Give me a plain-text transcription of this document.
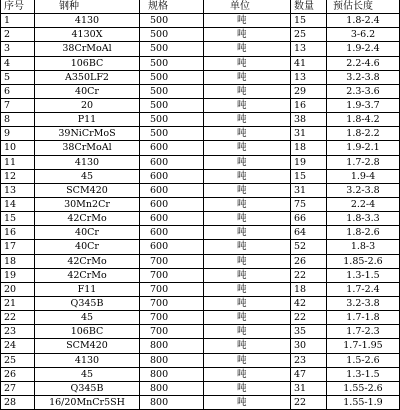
序号	钢种	规格	单位	数量	预估长度
1	4130	500	吨	15	1.8-2.4
2	4130X	500	吨	25	3-6.2
3	38CrMoAl	500	吨	13	1.9-2.4
4	106BC	500	吨	41	2.2-4.6
5	A350LF2	500	吨	13	3.2-3.8
6	40Cr	500	吨	29	2.3-3.6
7	20	500	吨	16	1.9-3.7
8	P11	500	吨	38	1.8-4.2
9	39NiCrMoS	500	吨	31	1.8-2.2
10	38CrMoAl	600	吨	18	1.9-2.1
11	4130	600	吨	19	1.7-2.8
12	45	600	吨	15	1.9-4
13	SCM420	600	吨	31	3.2-3.8
14	30Mn2Cr	600	吨	75	2.2-4
15	42CrMo	600	吨	66	1.8-3.3
16	40Cr	600	吨	64	1.8-2.6
17	40Cr	600	吨	52	1.8-3
18	42CrMo	700	吨	26	1.85-2.6
19	42CrMo	700	吨	22	1.3-1.5
20	F11	700	吨	18	1.7-2.4
21	Q345B	700	吨	42	3.2-3.8
22	45	700	吨	22	1.7-1.8
23	106BC	700	吨	35	1.7-2.3
24	SCM420	800	吨	30	1.7-1.95
25	4130	800	吨	23	1.5-2.6
26	45	800	吨	47	1.3-1.5
27	Q345B	800	吨	31	1.55-2.6
28	16/20MnCr5SH	800	吨	22	1.55-1.9
